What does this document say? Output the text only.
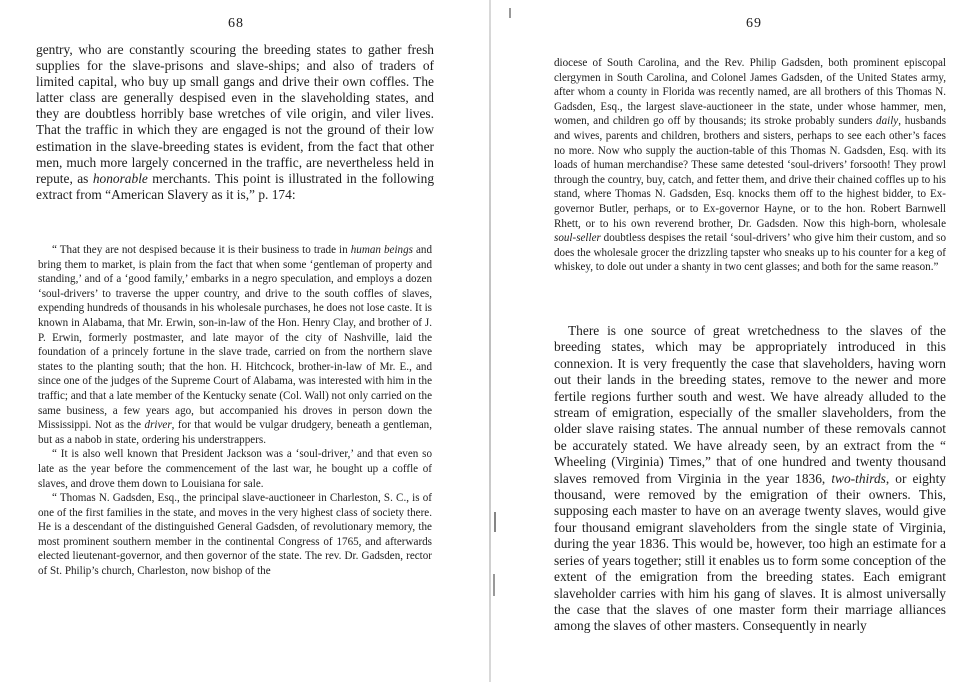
68

gentry, who are constantly scouring the breeding states to gather fresh supplies for the slave-prisons and slave-ships; and also of traders of limited capital, who buy up small gangs and drive their own coffles. The latter class are generally despised even in the slaveholding states, and they are doubtless horribly base wretches of vile origin, and viler lives. That the traffic in which they are engaged is not the ground of their low estimation in the slave-breeding states is evident, from the fact that other men, much more largely concerned in the traffic, are nevertheless held in repute, as honorable merchants. This point is illustrated in the following extract from “American Slavery as it is,” p. 174:

“ That they are not despised because it is their business to trade in human beings and bring them to market, is plain from the fact that when some ‘gentleman of property and standing,’ and of a ‘good family,’ embarks in a negro speculation, and employs a dozen ‘soul-drivers’ to traverse the upper country, and drive to the south coffles of slaves, expending hundreds of thousands in his wholesale purchases, he does not lose caste. It is known in Alabama, that Mr. Erwin, son-in-law of the Hon. Henry Clay, and brother of J. P. Erwin, formerly postmaster, and late mayor of the city of Nashville, laid the foundation of a princely fortune in the slave trade, carried on from the northern slave states to the planting south; that the hon. H. Hitchcock, brother-in-law of Mr. E., and since one of the judges of the Supreme Court of Alabama, was interested with him in the traffic; and that a late member of the Kentucky senate (Col. Wall) not only carried on the same business, a few years ago, but accompanied his droves in person down the Mississippi. Not as the driver, for that would be vulgar drudgery, beneath a gentleman, but as a nabob in state, ordering his understrappers.

“ It is also well known that President Jackson was a ‘soul-driver,’ and that even so late as the year before the commencement of the last war, he bought up a coffle of slaves, and drove them down to Louisiana for sale.

“ Thomas N. Gadsden, Esq., the principal slave-auctioneer in Charleston, S. C., is of one of the first families in the state, and moves in the very highest class of society there. He is a descendant of the distinguished General Gadsden, of revolutionary memory, the most prominent southern member in the continental Congress of 1765, and afterwards elected lieutenant-governor, and then governor of the state. The rev. Dr. Gadsden, rector of St. Philip’s church, Charleston, now bishop of the

69

diocese of South Carolina, and the Rev. Philip Gadsden, both prominent episcopal clergymen in South Carolina, and Colonel James Gadsden, of the United States army, after whom a county in Florida was recently named, are all brothers of this Thomas N. Gadsden, Esq., the largest slave-auctioneer in the state, under whose hammer, men, women, and children go off by thousands; its stroke probably sunders daily, husbands and wives, parents and children, brothers and sisters, perhaps to see each other’s faces no more. Now who supply the auction-table of this Thomas N. Gadsden, Esq. with its loads of human merchandise? These same detested ‘soul-drivers’ forsooth! They prowl through the country, buy, catch, and fetter them, and drive their chained coffles up to his stand, where Thomas N. Gadsden, Esq. knocks them off to the highest bidder, to Ex-governor Butler, perhaps, or to Ex-governor Hayne, or to the hon. Robert Barnwell Rhett, or to his own reverend brother, Dr. Gadsden. Now this high-born, wholesale soul-seller doubtless despises the retail ‘soul-drivers’ who give him their custom, and so does the wholesale grocer the drizzling tapster who sneaks up to his counter for a keg of whiskey, to dole out under a shanty in two cent glasses; and both for the same reason.”

There is one source of great wretchedness to the slaves of the breeding states, which may be appropriately introduced in this connexion. It is very frequently the case that slaveholders, having worn out their lands in the breeding states, remove to the newer and more fertile regions further south and west. We have already alluded to the stream of emigration, especially of the smaller slaveholders, from the older slave raising states. The annual number of these removals cannot be accurately stated. We have already seen, by an extract from the “ Wheeling (Virginia) Times,” that of one hundred and twenty thousand slaves removed from Virginia in the year 1836, two-thirds, or eighty thousand, were removed by the emigration of their owners. This, supposing each master to have on an average twenty slaves, would give four thousand emigrant slaveholders from the single state of Virginia, during the year 1836. This would be, however, too high an estimate for a series of years together; still it enables us to form some conception of the extent of the emigration from the breeding states. Each emigrant slaveholder carries with him his gang of slaves. It is almost universally the case that the slaves of one master form their marriage alliances among the slaves of other masters. Consequently in nearly
